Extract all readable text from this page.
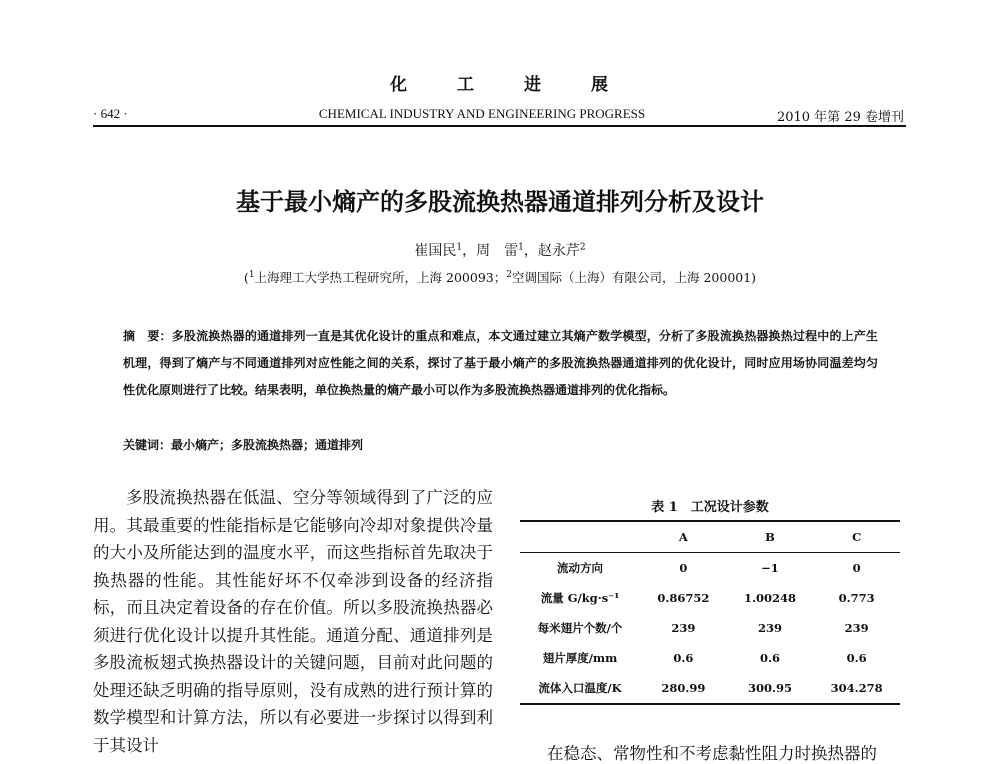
化	工	进	展
· 642 ·	CHEMICAL INDUSTRY AND ENGINEERING PROGRESS	2010 年第 29 卷增刊
基于最小熵产的多股流换热器通道排列分析及设计
崔国民$^1$，周　雷$^1$，赵永芹$^2$
($^1$上海理工大学热工程研究所，上海 200093；$^2$空调国际（上海）有限公司，上海 200001)
摘　要：多股流换热器的通道排列一直是其优化设计的重点和难点，本文通过建立其熵产数学模型，分析了多股流换热器换热过程中的上产生机理，得到了熵产与不同通道排列对应性能之间的关系，探讨了基于最小熵产的多股流换热器通道排列的优化设计，同时应用场协同温差均匀性优化原则进行了比较。结果表明，单位换热量的熵产最小可以作为多股流换热器通道排列的优化指标。
关键词：最小熵产；多股流换热器；通道排列

多股流换热器在低温、空分等领域得到了广泛的应用。其最重要的性能指标是它能够向冷却对象提供冷量的大小及所能达到的温度水平，而这些指标首先取决于换热器的性能。其性能好坏不仅牵涉到设备的经济指标，而且决定着设备的存在价值。所以多股流换热器必须进行优化设计以提升其性能。通道分配、通道排列是多股流板翅式换热器设计的关键问题，目前对此问题的处理还缺乏明确的指导原则，没有成熟的进行预计算的数学模型和计算方法，所以有必要进一步探讨以得到利于其设计

表 1　工况设计参数
	A	B	C
流动方向	0	−1	0
流量 G/kg·s⁻¹	0.86752	1.00248	0.773
每米翅片个数/个	239	239	239
翅片厚度/mm	0.6	0.6	0.6
流体入口温度/K	280.99	300.95	304.278
在稳态、常物性和不考虑黏性阻力时换热器的
